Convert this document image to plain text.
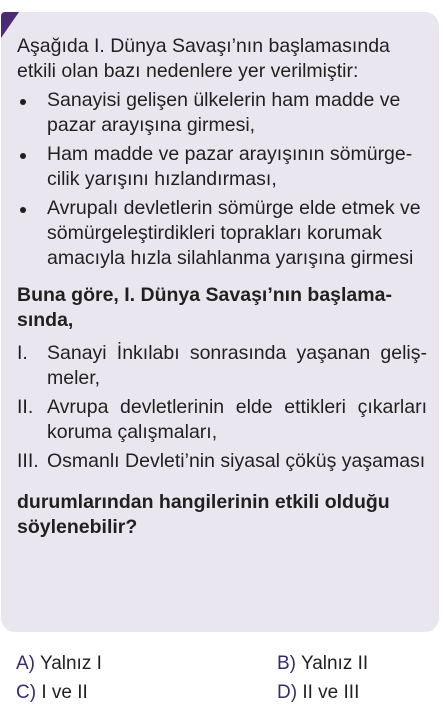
Aşağıda I. Dünya Savaşı’nın başlamasında etkili olan bazı nedenlere yer verilmiştir:

Sanayisi gelişen ülkelerin ham madde ve pazar arayışına girmesi,
Ham madde ve pazar arayışının sömürgecilik yarışını hızlandırması,
Avrupalı devletlerin sömürge elde etmek ve sömürgeleştirdikleri toprakları korumak amacıyla hızla silahlanma yarışına girmesi

Buna göre, I. Dünya Savaşı’nın başlamasında,

I. Sanayi İnkılabı sonrasında yaşanan gelişmeler,
II. Avrupa devletlerinin elde ettikleri çıkarları koruma çalışmaları,
III. Osmanlı Devleti’nin siyasal çöküş yaşaması

durumlarından hangilerinin etkili olduğu söylenebilir?

A) Yalnız I	B) Yalnız II
C) I ve II	D) II ve III
